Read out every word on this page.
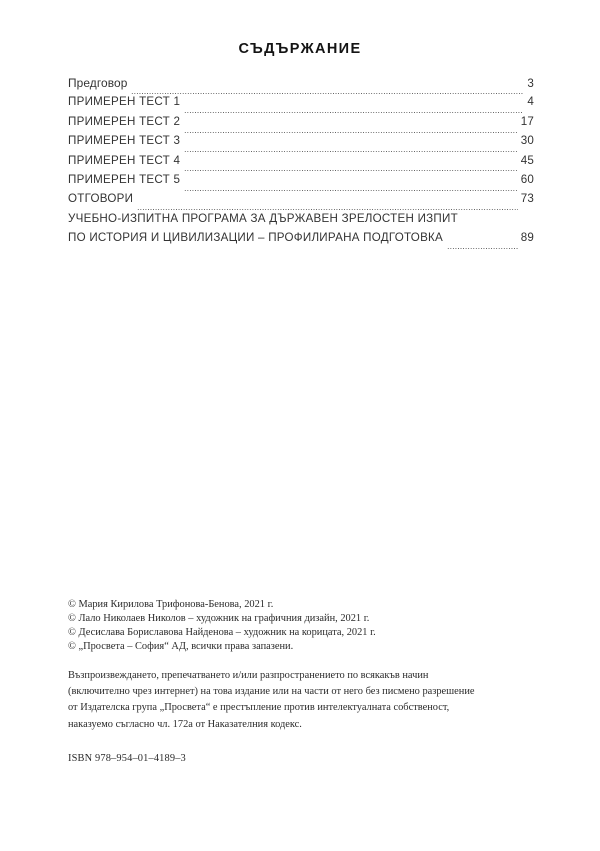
СЪДЪРЖАНИЕ
Предговор	3
ПРИМЕРЕН ТЕСТ 1	4
ПРИМЕРЕН ТЕСТ 2	17
ПРИМЕРЕН ТЕСТ 3	30
ПРИМЕРЕН ТЕСТ 4	45
ПРИМЕРЕН ТЕСТ 5	60
ОТГОВОРИ	73
УЧЕБНО-ИЗПИТНА ПРОГРАМА ЗА ДЪРЖАВЕН ЗРЕЛОСТЕН ИЗПИТ
ПО ИСТОРИЯ И ЦИВИЛИЗАЦИИ – ПРОФИЛИРАНА ПОДГОТОВКА	89
© Мария Кирилова Трифонова-Бенова, 2021 г.
© Лало Николаев Николов – художник на графичния дизайн, 2021 г.
© Десислава Бориславова Найденова – художник на корицата, 2021 г.
© „Просвета – София“ АД, всички права запазени.
Възпроизвеждането, препечатването и/или разпространението по всякакъв начин
(включително чрез интернет) на това издание или на части от него без писмено разрешение
от Издателска група „Просвета“ е престъпление против интелектуалната собственост,
наказуемо съгласно чл. 172а от Наказателния кодекс.
ISBN 978–954–01–4189–3
